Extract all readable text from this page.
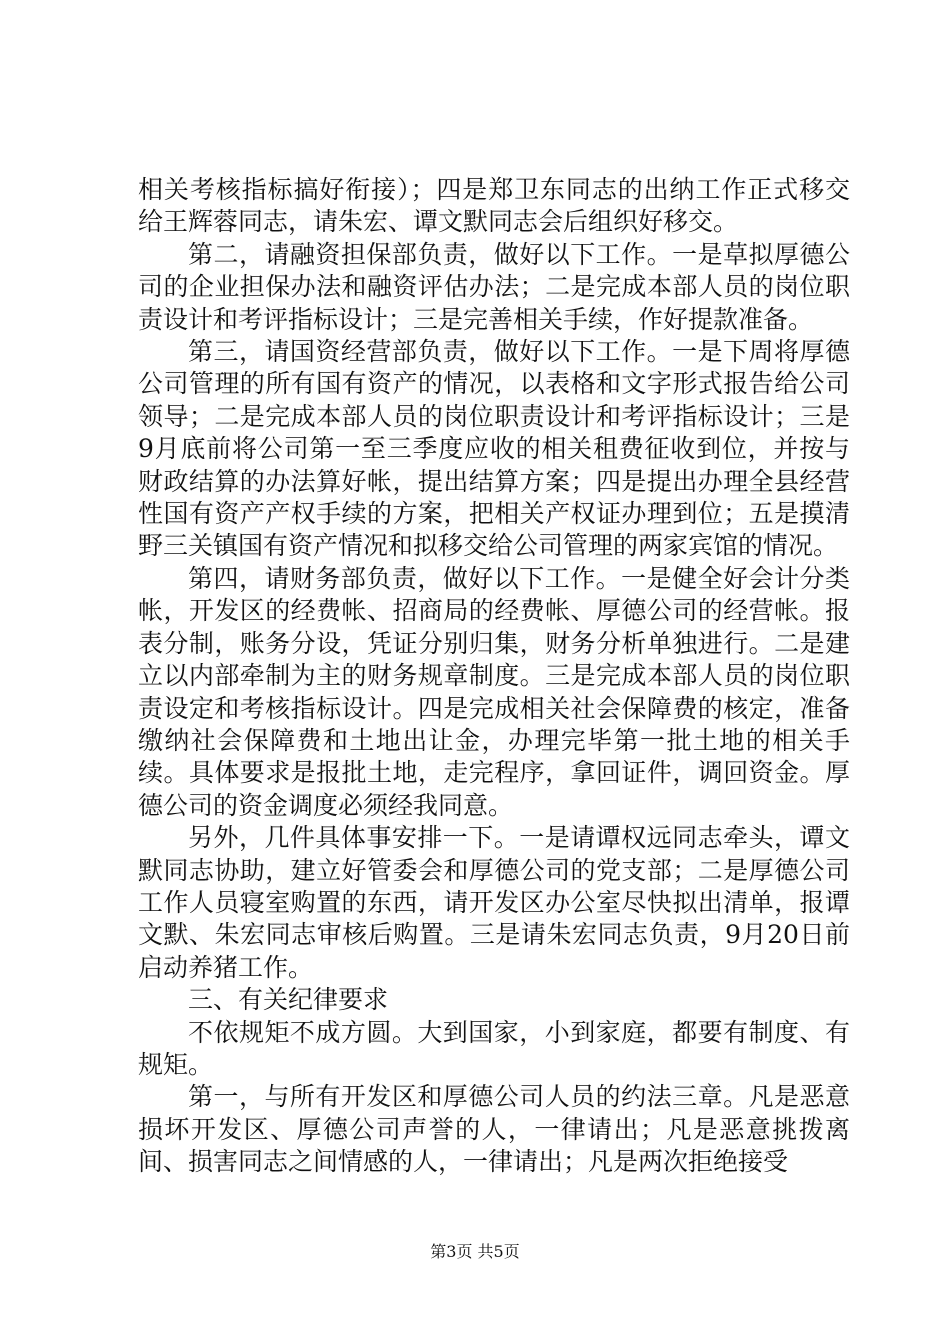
相关考核指标搞好衔接）；四是郑卫东同志的出纳工作正式移交给王辉蓉同志，请朱宏、谭文默同志会后组织好移交。

第二，请融资担保部负责，做好以下工作。一是草拟厚德公司的企业担保办法和融资评估办法；二是完成本部人员的岗位职责设计和考评指标设计；三是完善相关手续，作好提款准备。

第三，请国资经营部负责，做好以下工作。一是下周将厚德公司管理的所有国有资产的情况，以表格和文字形式报告给公司领导；二是完成本部人员的岗位职责设计和考评指标设计；三是9月底前将公司第一至三季度应收的相关租费征收到位，并按与财政结算的办法算好帐，提出结算方案；四是提出办理全县经营性国有资产产权手续的方案，把相关产权证办理到位；五是摸清野三关镇国有资产情况和拟移交给公司管理的两家宾馆的情况。

第四，请财务部负责，做好以下工作。一是健全好会计分类帐，开发区的经费帐、招商局的经费帐、厚德公司的经营帐。报表分制，账务分设，凭证分别归集，财务分析单独进行。二是建立以内部牵制为主的财务规章制度。三是完成本部人员的岗位职责设定和考核指标设计。四是完成相关社会保障费的核定，准备缴纳社会保障费和土地出让金，办理完毕第一批土地的相关手续。具体要求是报批土地，走完程序，拿回证件，调回资金。厚德公司的资金调度必须经我同意。

另外，几件具体事安排一下。一是请谭权远同志牵头，谭文默同志协助，建立好管委会和厚德公司的党支部；二是厚德公司工作人员寝室购置的东西，请开发区办公室尽快拟出清单，报谭文默、朱宏同志审核后购置。三是请朱宏同志负责，9月20日前启动养猪工作。

三、有关纪律要求

不依规矩不成方圆。大到国家，小到家庭，都要有制度、有规矩。

第一，与所有开发区和厚德公司人员的约法三章。凡是恶意损坏开发区、厚德公司声誉的人，一律请出；凡是恶意挑拨离间、损害同志之间情感的人，一律请出；凡是两次拒绝接受

第3页 共5页
